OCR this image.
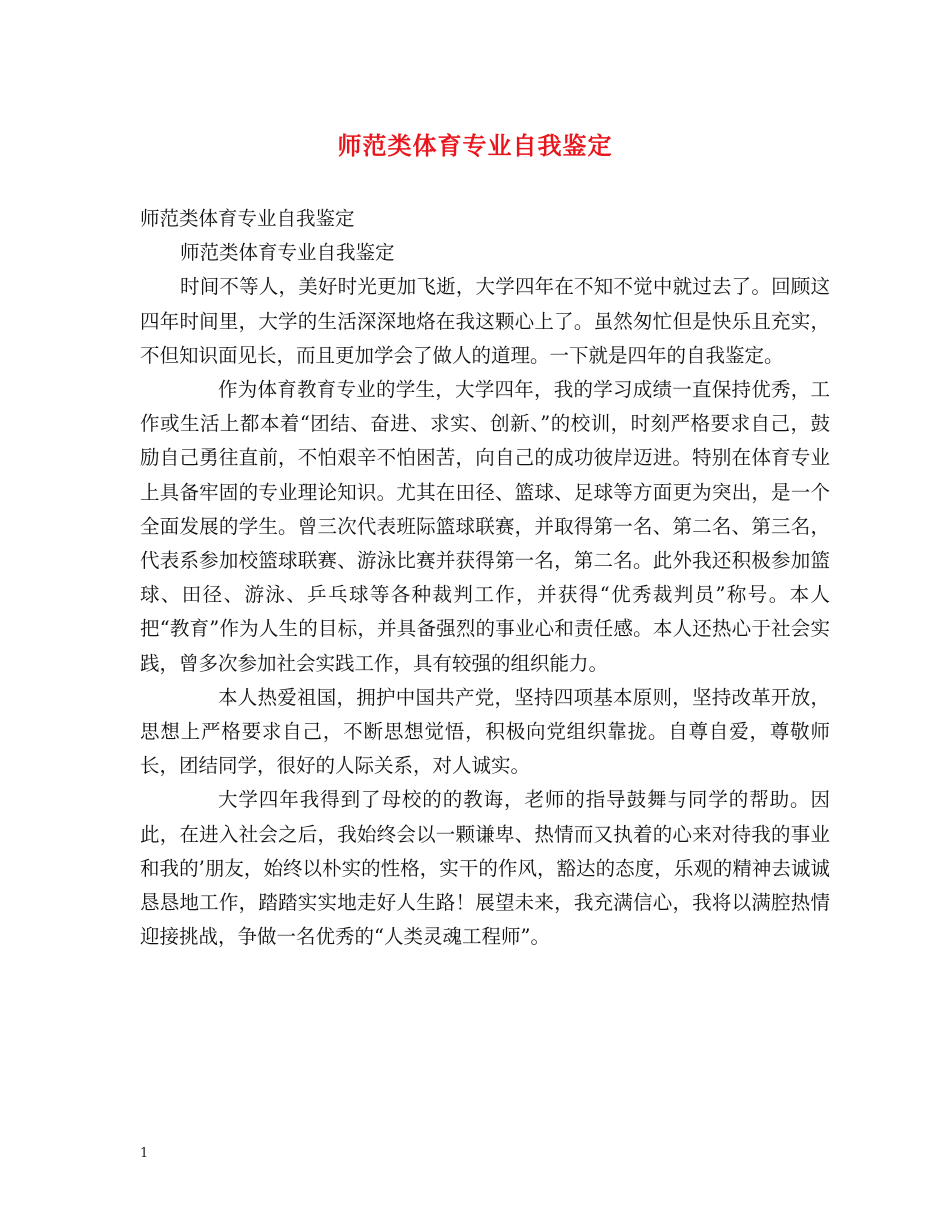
师范类体育专业自我鉴定

师范类体育专业自我鉴定

师范类体育专业自我鉴定

时间不等人，美好时光更加飞逝，大学四年在不知不觉中就过去了。回顾这四年时间里，大学的生活深深地烙在我这颗心上了。虽然匆忙但是快乐且充实，不但知识面见长，而且更加学会了做人的道理。一下就是四年的自我鉴定。

作为体育教育专业的学生，大学四年，我的学习成绩一直保持优秀，工作或生活上都本着“团结、奋进、求实、创新、”的校训，时刻严格要求自己，鼓励自己勇往直前，不怕艰辛不怕困苦，向自己的成功彼岸迈进。特别在体育专业上具备牢固的专业理论知识。尤其在田径、篮球、足球等方面更为突出，是一个全面发展的学生。曾三次代表班际篮球联赛，并取得第一名、第二名、第三名，代表系参加校篮球联赛、游泳比赛并获得第一名，第二名。此外我还积极参加篮球、田径、游泳、乒乓球等各种裁判工作，并获得“优秀裁判员”称号。本人把“教育”作为人生的目标，并具备强烈的事业心和责任感。本人还热心于社会实践，曾多次参加社会实践工作，具有较强的组织能力。

本人热爱祖国，拥护中国共产党，坚持四项基本原则，坚持改革开放，思想上严格要求自己，不断思想觉悟，积极向党组织靠拢。自尊自爱，尊敬师长，团结同学，很好的人际关系，对人诚实。

大学四年我得到了母校的的教诲，老师的指导鼓舞与同学的帮助。因此，在进入社会之后，我始终会以一颗谦卑、热情而又执着的心来对待我的事业和我的’朋友，始终以朴实的性格，实干的作风，豁达的态度，乐观的精神去诚诚恳恳地工作，踏踏实实地走好人生路！展望未来，我充满信心，我将以满腔热情迎接挑战，争做一名优秀的“人类灵魂工程师”。

1
